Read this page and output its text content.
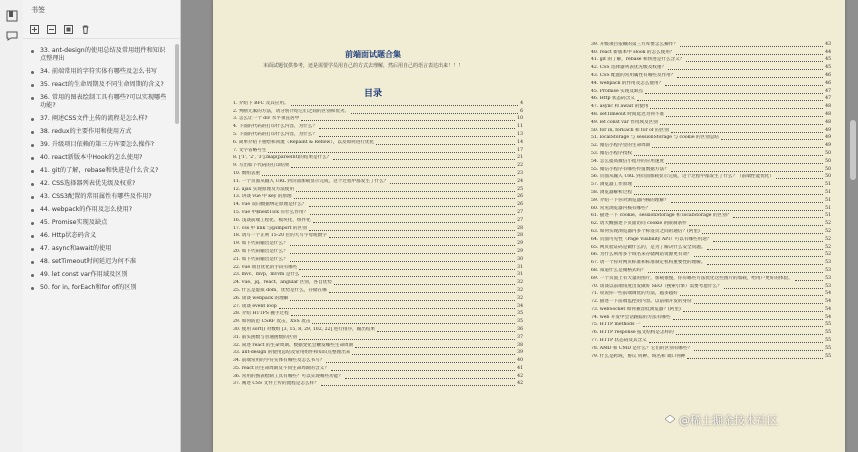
书签
33. ant-design的使用总结及常用组件和知识点整理出
34. 前端常用的字符实体有哪些及怎么书写
35. react的生命周期及不同生命周期的含义?
36. 常用的图表绘制工具有哪些?可以实现哪些功能?
37. 阐述CSS文件上传的流程是怎么样?
38. redux的主要作用和使用方式
39. 升级项目依赖的第三方库要怎么操作?
40. react新版本中Hook的怎么使用?
41. git的了解，rebase和快进是什么含义?
42. CSS选择器列表优先级及权重?
43. CSS3配置的常用属性有哪些及作用?
44. webpack的作用及怎么使用?
45. Promise实现及缺点
46. Http状态码含义
47. async和await的使用
48. setTimeout时间延迟为何不准
49. let const var作用域及区别
50. for in, forEach和for of的区别
前端面试题合集
本面试题仅供参考，还是需要学员用自己的方式去理解，然后用自己的语言表达出来！！！
目录
1. 介绍下 BFC 及其应用。	4
2. 判断元素的方法，请分别介绍它们之间的区别和优劣。	6
3. 怎么让一个 div 水平垂直居中	10
4. 下面的代码的打印什么内容，为什么？	11
5. 下面的代码的打印什么内容，为什么？	13
6. 简单介绍下重绘和回流（Repaint & Reflow），以及如何进行优化	14
7. 文字省略号生	17
8. ['1', '2', '3'].map(parseInt)的结果是什么？	21
9. 写出如下代码的打印结果	22
10. 数组去重	23
11. 一个页面从输入 URL 到页面加载显示完成，这个过程中都发生了什么？	24
12. ajax 实现原理及方法使用	25
13. 讲谈 vue 中 key 的原理	26
14. vue 双向数据绑定原理是什么？	26
15. vue 中$nextTick 有什么作用？	27
16. 浅谈前端工程化、模块化、组件化	27
17. css 中 link 与@import 的区别	28
18. 请写一个正则 15-20 位的大写字母或数字	28
19. 如下代码输出是什么？	29
20. 如下代码输出是什么？	29
21. 如下代码输出是什么？	30
22. vue 项目优化的手段有哪些	31
23. mvc、mvp、mvvm 是什么	31
24. vue、jq、react、angular 区别，各自优势	32
25. 什么是虚拟 dom，优势是什么，存储在哪	32
26. 谈谈 webpack 的理解	32
27. 谈谈 event loop	34
28. 介绍 HTTPS 握手过程	35
29. 如何防范 CSRF 攻击，XSS 攻击	35
30. 使用 sort() 对数组 [3, 15, 8, 29, 102, 22] 进行排序，输出结果	36
31. 箭头函数与普通函数的区别	37
32. 简述 react 的生命周期、数据变化会触发哪些生命周期	38
33. ant-design 的使用总结及常用组件和知识点整理出来	39
34. 前端常用的字符实体有哪些及怎么书写？	40
35. react 的生命周期及不同生命周期的含义？	41
36. 常用的图表绘制工具有哪些？可以实现哪些功能？	42
37. 阐述 CSS 文件上传的流程是怎么样？	42
39. 升级项目依赖的第三方库要怎么操作？	43
40. react 新版本中 Hook 的怎么使用？	44
41. git 的了解，rebase 和快进是什么含义？	45
42. CSS 选择器列表优先级及权重？	45
43. CSS 配置的常用属性有哪些及作用？	46
44. webpack 的作用及怎么使用？	46
45. Promise 实现及缺点	47
46. Http 状态码含义	47
47. async 和 await 的使用	48
48. setTimeout 时间延迟为何不准	48
49. let const var 作用域及区别	48
50. for in, forEach 和 for of 的区别	49
51. localStorage 与 sessionStorage 与 cookie 的区别总结	49
52. 微信小程序里的生命周期	49
53. 微信小程序授权	50
54. 怎么提高微信小程序的应用速度	50
55. 微信小程序有哪些传值数据方法？	50
56. 页面从输入 URL 到页面加载显示完成，这个过程中都发生了什么？（前端性能优化）	50
57. 浏览器工作原理	51
58. 浏览器解析过程	51
59. 介绍一下你对浏览器内核的理解？	51
60. 常见浏览器内核有哪些？	51
61. 描述一下 cookie、sessionStorage 和 localStorage 的区别？	51
62. 请大概描述下页面访问 cookie 的限制条件	52
63. 如何实现浏览器内多个标签页之间的通信？(阿里)	52
64. 页面可见性（Page Visibility API）可以有哪些用途？	52
65. 网页验证码是做什么的，是为了解决什么安全问题。	52
66. 为什么利用多个域名来存储网站资源更有效？	52
67. 请一个你对网页标准和标准制定机构重要性的理解。	53
68. 知道什么是微格式吗？	53
69. 一个页面上有大量的图片，加载很慢，你有哪些方法优化这些图片的加载，给用户更好的体验。	53
70. 谈谈以前端角度出发做好 SEO（搜索引擎）需要考虑什么？	53
71. 说说你一些前端调优的方法，越多越好	54
72. 描述一下前端监控的内容。以前端开发的身份	54
73. webSocket 如何兼容低浏览器？(阿里)	54
74. web 开发中会话跟踪的方法有哪些	54
75. HTTP methods 一	55
76. HTTP response 报文结构是怎样的	55
77. HTTP 状态码及其含义	55
78. AMD 和 CMD 是什么？它们的区别有哪些？	55
79. 什么是跨域，协议 何种、域名和 端口何种	55
@稀土掘金技术社区
